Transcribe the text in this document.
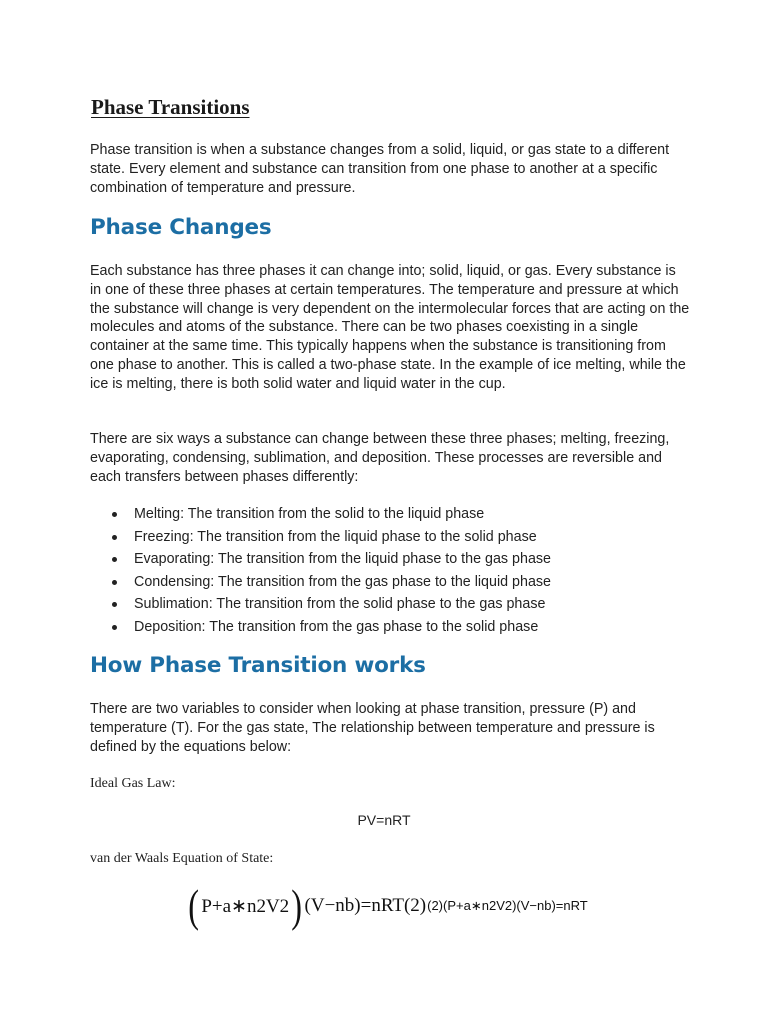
Phase Transitions

Phase transition is when a substance changes from a solid, liquid, or gas state to a different state. Every element and substance can transition from one phase to another at a specific combination of temperature and pressure.

Phase Changes

Each substance has three phases it can change into; solid, liquid, or gas. Every substance is in one of these three phases at certain temperatures. The temperature and pressure at which the substance will change is very dependent on the intermolecular forces that are acting on the molecules and atoms of the substance. There can be two phases coexisting in a single container at the same time. This typically happens when the substance is transitioning from one phase to another. This is called a two-phase state. In the example of ice melting, while the ice is melting, there is both solid water and liquid water in the cup.

There are six ways a substance can change between these three phases; melting, freezing, evaporating, condensing, sublimation, and deposition. These processes are reversible and each transfers between phases differently:

Melting: The transition from the solid to the liquid phase
Freezing: The transition from the liquid phase to the solid phase
Evaporating: The transition from the liquid phase to the gas phase
Condensing: The transition from the gas phase to the liquid phase
Sublimation: The transition from the solid phase to the gas phase
Deposition: The transition from the gas phase to the solid phase
How Phase Transition works

There are two variables to consider when looking at phase transition, pressure (P) and temperature (T). For the gas state, The relationship between temperature and pressure is defined by the equations below:

Ideal Gas Law:

PV=nRT

van der Waals Equation of State:

( P+a∗n2V2 ) (V−nb)=nRT(2) (2)(P+a∗n2V2)(V−nb)=nRT
